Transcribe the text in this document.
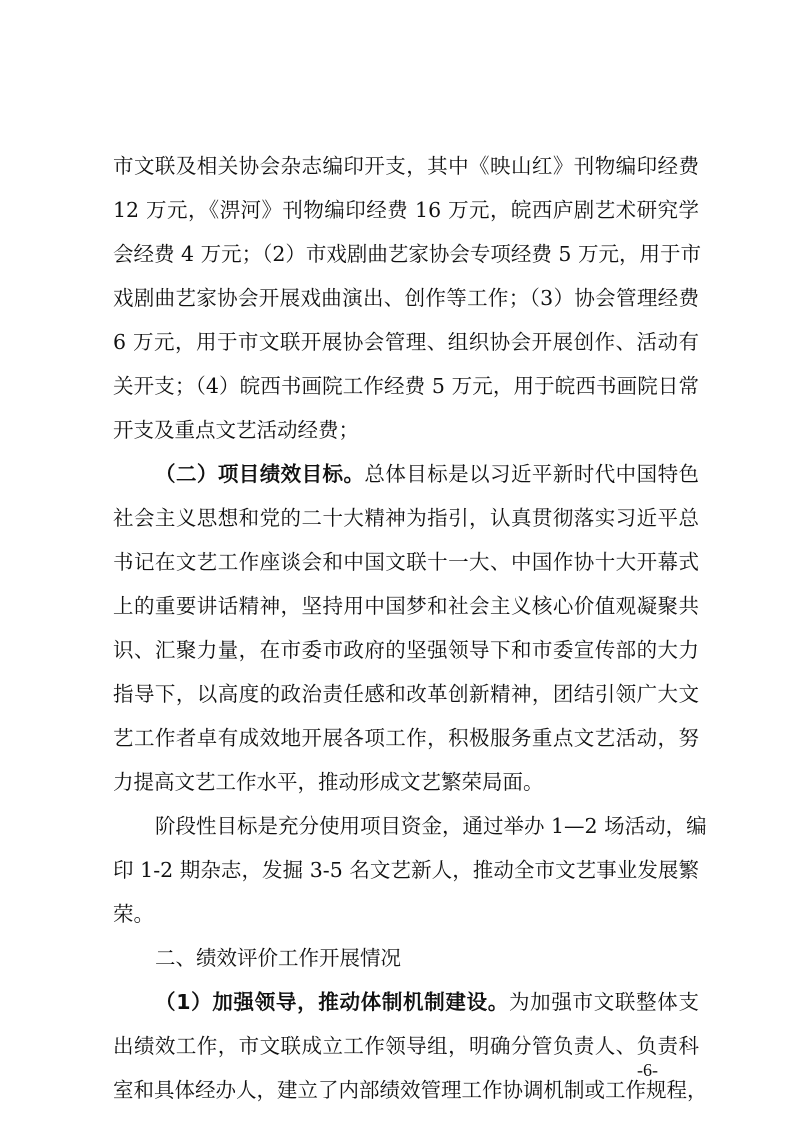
市文联及相关协会杂志编印开支，其中《映山红》刊物编印经费
12 万元，《淠河》刊物编印经费 16 万元，皖西庐剧艺术研究学
会经费 4 万元；（2）市戏剧曲艺家协会专项经费 5 万元，用于市
戏剧曲艺家协会开展戏曲演出、创作等工作；（3）协会管理经费
6 万元，用于市文联开展协会管理、组织协会开展创作、活动有
关开支；（4）皖西书画院工作经费 5 万元，用于皖西书画院日常
开支及重点文艺活动经费；
（二）项目绩效目标。总体目标是以习近平新时代中国特色
社会主义思想和党的二十大精神为指引，认真贯彻落实习近平总
书记在文艺工作座谈会和中国文联十一大、中国作协十大开幕式
上的重要讲话精神，坚持用中国梦和社会主义核心价值观凝聚共
识、汇聚力量，在市委市政府的坚强领导下和市委宣传部的大力
指导下，以高度的政治责任感和改革创新精神，团结引领广大文
艺工作者卓有成效地开展各项工作，积极服务重点文艺活动，努
力提高文艺工作水平，推动形成文艺繁荣局面。
阶段性目标是充分使用项目资金，通过举办 1—2 场活动，编
印 1-2 期杂志，发掘 3-5 名文艺新人，推动全市文艺事业发展繁
荣。
二、绩效评价工作开展情况
（1）加强领导，推动体制机制建设。为加强市文联整体支
出绩效工作，市文联成立工作领导组，明确分管负责人、负责科
室和具体经办人，建立了内部绩效管理工作协调机制或工作规程，
-6-
